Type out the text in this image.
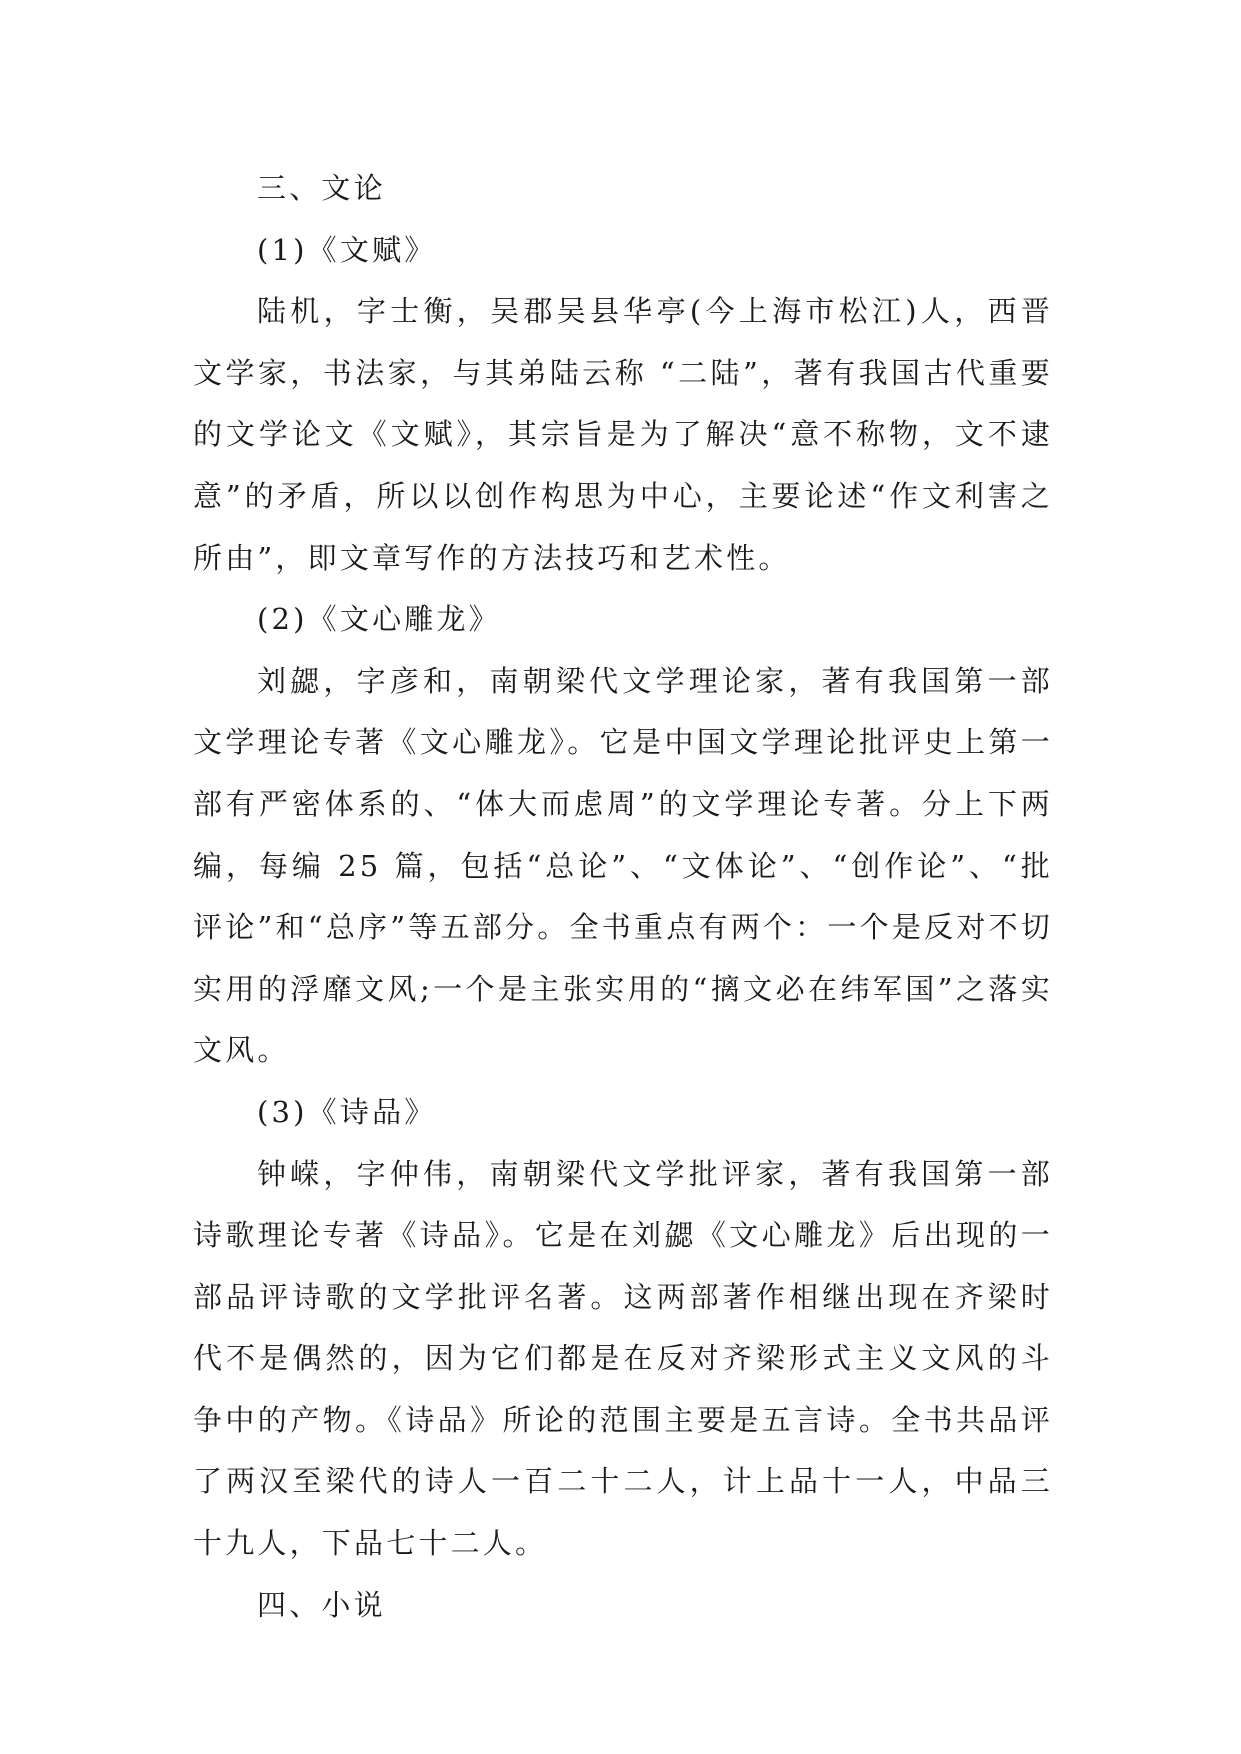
三、文论

(1)《文赋》

陆机，字士衡，吴郡吴县华亭(今上海市松江)人，西晋文学家，书法家，与其弟陆云称 “二陆”，著有我国古代重要的文学论文《文赋》，其宗旨是为了解决“意不称物，文不逮意”的矛盾，所以以创作构思为中心，主要论述“作文利害之所由”，即文章写作的方法技巧和艺术性。

(2)《文心雕龙》

刘勰，字彦和，南朝梁代文学理论家，著有我国第一部文学理论专著《文心雕龙》。它是中国文学理论批评史上第一部有严密体系的、“体大而虑周”的文学理论专著。分上下两编，每编 25 篇，包括“总论”、“文体论”、“创作论”、“批评论”和“总序”等五部分。全书重点有两个：一个是反对不切实用的浮靡文风;一个是主张实用的“摛文必在纬军国”之落实文风。

(3)《诗品》

钟嵘，字仲伟，南朝梁代文学批评家，著有我国第一部诗歌理论专著《诗品》。它是在刘勰《文心雕龙》后出现的一部品评诗歌的文学批评名著。这两部著作相继出现在齐梁时代不是偶然的，因为它们都是在反对齐梁形式主义文风的斗争中的产物。《诗品》所论的范围主要是五言诗。全书共品评了两汉至梁代的诗人一百二十二人，计上品十一人，中品三十九人，下品七十二人。

四、小说
